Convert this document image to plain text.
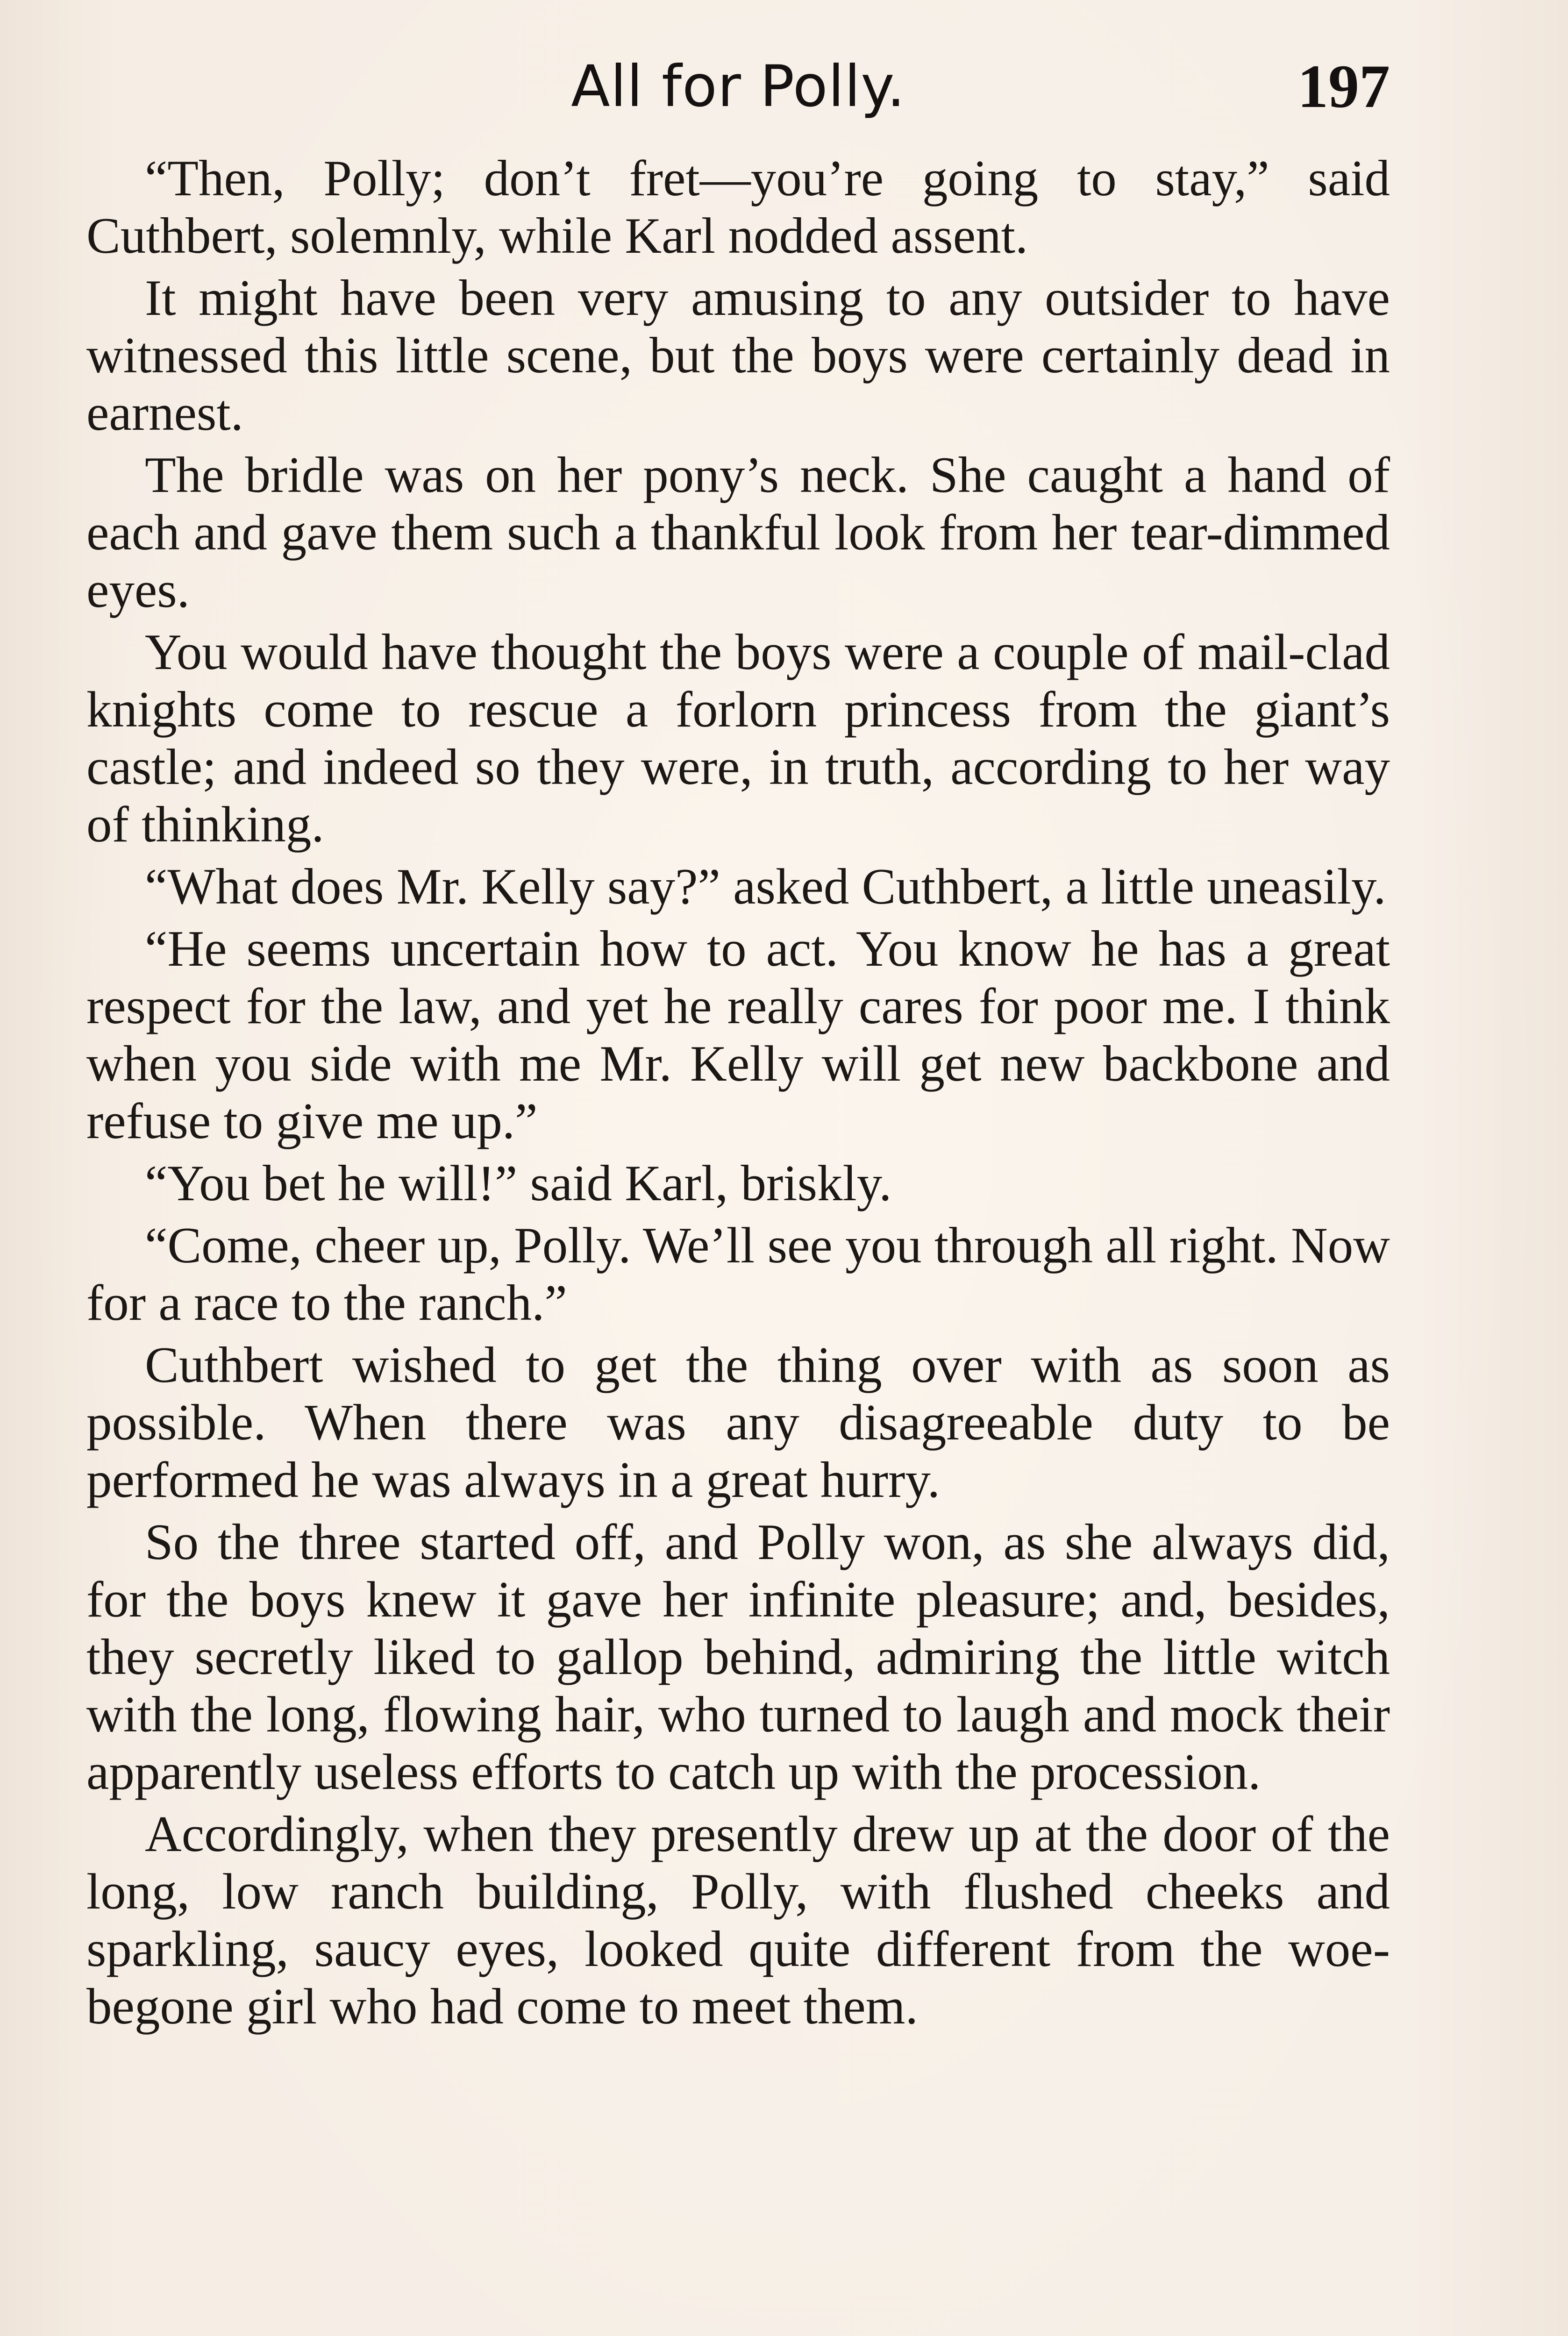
All for Polly.	197

“Then, Polly; don’t fret—you’re going to stay,” said Cuthbert, solemnly, while Karl nodded assent.

It might have been very amusing to any outsider to have witnessed this little scene, but the boys were certainly dead in earnest.

The bridle was on her pony’s neck. She caught a hand of each and gave them such a thankful look from her tear-dimmed eyes.

You would have thought the boys were a couple of mail-clad knights come to rescue a forlorn princess from the giant’s castle; and indeed so they were, in truth, according to her way of thinking.

“What does Mr. Kelly say?” asked Cuthbert, a little uneasily.

“He seems uncertain how to act. You know he has a great respect for the law, and yet he really cares for poor me. I think when you side with me Mr. Kelly will get new backbone and refuse to give me up.”

“You bet he will!” said Karl, briskly.

“Come, cheer up, Polly. We’ll see you through all right. Now for a race to the ranch.”

Cuthbert wished to get the thing over with as soon as possible. When there was any disagreeable duty to be performed he was always in a great hurry.

So the three started off, and Polly won, as she always did, for the boys knew it gave her infinite pleasure; and, besides, they secretly liked to gallop behind, admiring the little witch with the long, flowing hair, who turned to laugh and mock their apparently useless efforts to catch up with the procession.

Accordingly, when they presently drew up at the door of the long, low ranch building, Polly, with flushed cheeks and sparkling, saucy eyes, looked quite different from the woe-begone girl who had come to meet them.
